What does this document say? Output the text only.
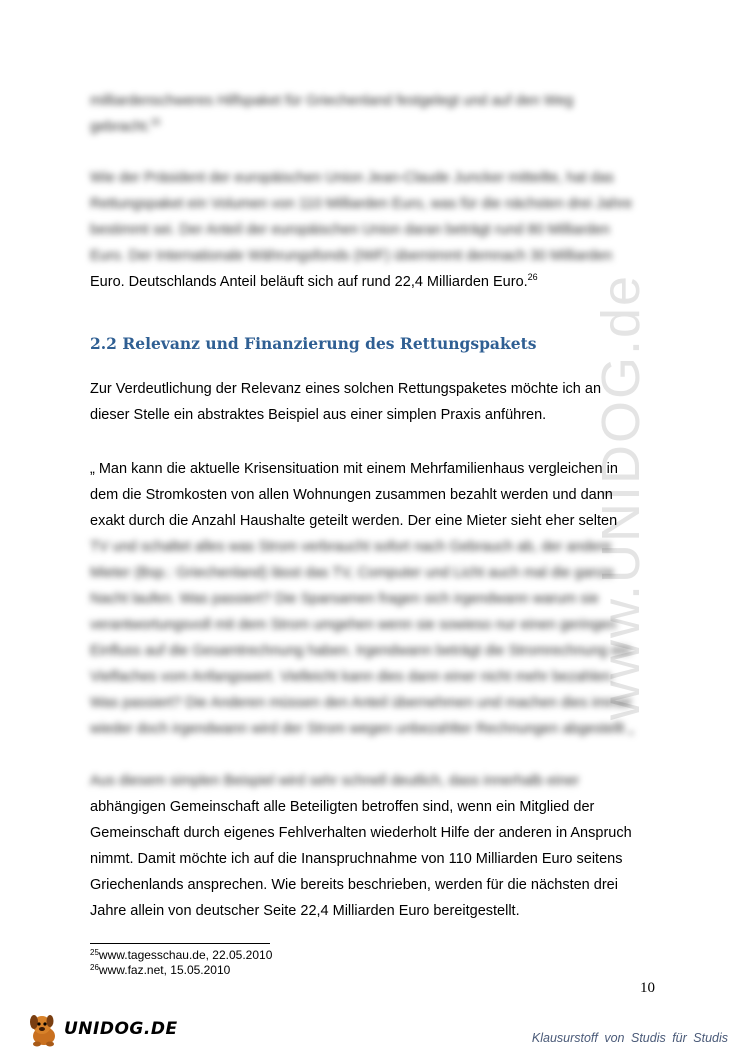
www.UNIDOG.de
milliardenschweres Hilfspaket für Griechenland festgelegt und auf den Weg
gebracht.$^{25}$
Wie der Präsident der europäischen Union Jean-Claude Juncker mitteilte, hat das
Rettungspaket ein Volumen von 110 Milliarden Euro, was für die nächsten drei Jahre
bestimmt sei. Der Anteil der europäischen Union daran beträgt rund 80 Milliarden
Euro. Der Internationale Währungsfonds (IWF) übernimmt demnach 30 Milliarden
Euro. Deutschlands Anteil beläuft sich auf rund 22,4 Milliarden Euro.$^{26}$
2.2 Relevanz und Finanzierung des Rettungspakets
Zur Verdeutlichung der Relevanz eines solchen Rettungspaketes möchte ich an
dieser Stelle ein abstraktes Beispiel aus einer simplen Praxis anführen.
„ Man kann die aktuelle Krisensituation mit einem Mehrfamilienhaus vergleichen in
dem die Stromkosten von allen Wohnungen zusammen bezahlt werden und dann
exakt durch die Anzahl Haushalte geteilt werden. Der eine Mieter sieht eher selten
TV und schaltet alles was Strom verbraucht sofort nach Gebrauch ab, der andere
Mieter (Bsp.: Griechenland) lässt das TV, Computer und Licht auch mal die ganze
Nacht laufen. Was passiert? Die Sparsamen fragen sich irgendwann warum sie
verantwortungsvoll mit dem Strom umgehen wenn sie sowieso nur einen geringen
Einfluss auf die Gesamtrechnung haben. Irgendwann beträgt die Stromrechnung ein
Vielfaches vom Anfangswert. Vielleicht kann dies dann einer nicht mehr bezahlen.
Was passiert? Die Anderen müssen den Anteil übernehmen und machen dies immer
wieder doch irgendwann wird der Strom wegen unbezahlter Rechnungen abgestellt „
Aus diesem simplen Beispiel wird sehr schnell deutlich, dass innerhalb einer
abhängigen Gemeinschaft alle Beteiligten betroffen sind, wenn ein Mitglied der
Gemeinschaft durch eigenes Fehlverhalten wiederholt Hilfe der anderen in Anspruch
nimmt. Damit möchte ich auf die Inanspruchnahme von 110 Milliarden Euro seitens
Griechenlands ansprechen. Wie bereits beschrieben, werden für die nächsten drei
Jahre allein von deutscher Seite 22,4 Milliarden Euro bereitgestellt.
$^{25}$www.tagesschau.de, 22.05.2010
$^{26}$www.faz.net, 15.05.2010
10
UNIDOG.DE	Klausurstoff von Studis für Studis
